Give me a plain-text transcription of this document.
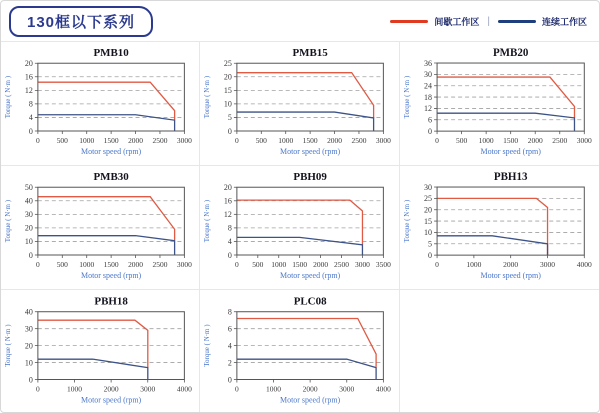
130框以下系列	间歇工作区 |	连续工作区
0
4
8
12
16
20
0 500 1000 1500 2000 2500 3000
PMB10
Motor speed (rpm)
Torque ( N·m )
0
5
10
15
20
25
0 500 1000 1500 2000 2500 3000
PMB15
Motor speed (rpm)
Torque ( N·m )
0
6
12
18
24
30
36
0 500 1000 1500 2000 2500 3000
PMB20
Motor speed (rpm)
Torque ( N·m )
0
10
20
30
40
50
0 500 1000 1500 2000 2500 3000
PMB30
Motor speed (rpm)
Torque ( N·m )
0
4
8
12
16
20
0 500 1000 1500 2000 2500 3000 3500
PBH09
Motor speed (rpm)
Torque ( N·m )
0
5
10
15
20
25
30
0	1000	2000	3000	4000
PBH13
Motor speed (rpm)
Torque ( N·m )
0
10
20
30
40
0	1000	2000	3000	4000
PBH18
Motor speed (rpm)
Torque ( N·m )
0
2
4
6
8
0	1000	2000	3000	4000
PLC08
Motor speed (rpm)
Torque ( N·m )
